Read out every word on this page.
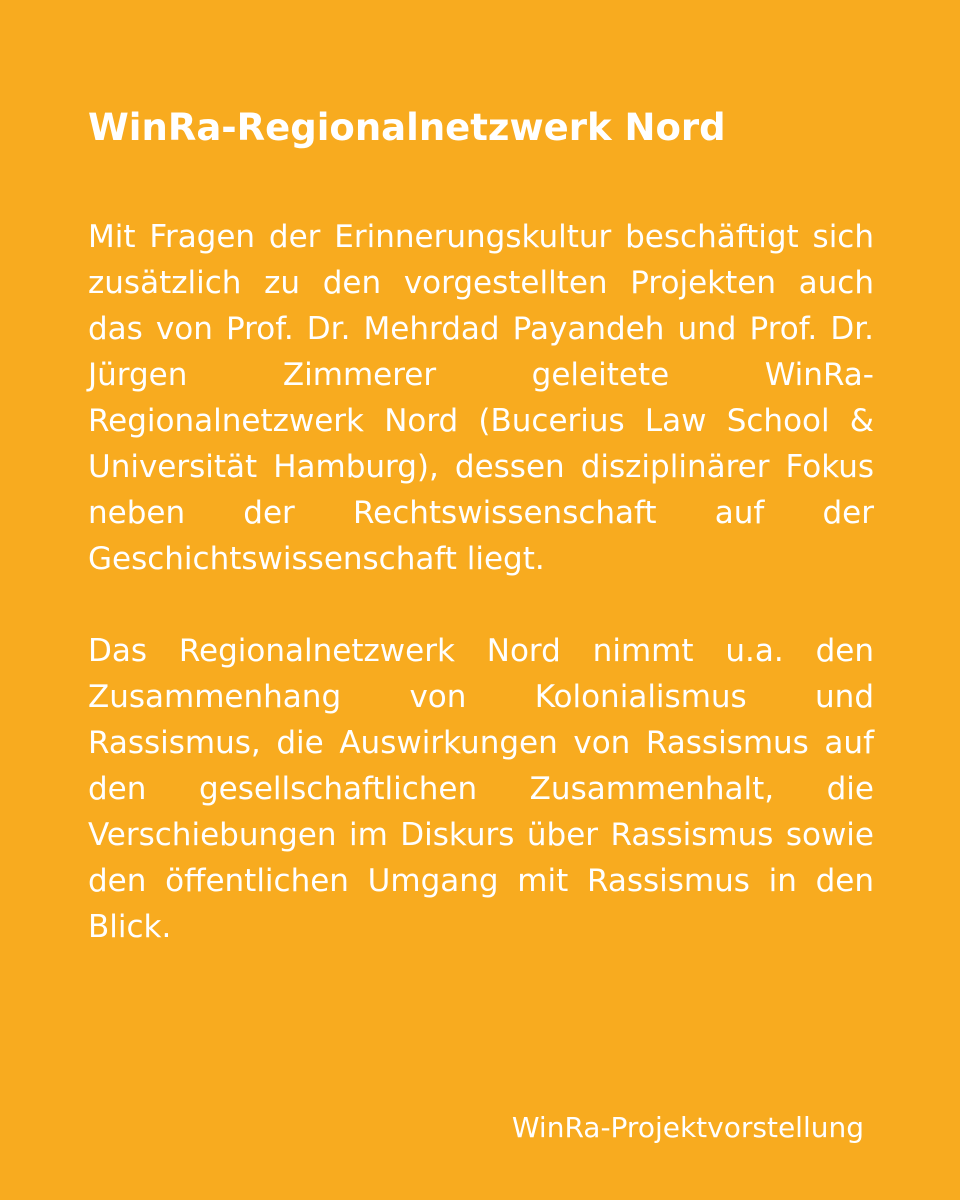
WinRa-Regionalnetzwerk Nord

Mit Fragen der Erinnerungskultur beschäftigt sich zusätzlich zu den vorgestellten Projekten auch das von Prof. Dr. Mehrdad Payandeh und Prof. Dr. Jürgen Zimmerer geleitete WinRa-Regionalnetzwerk Nord (Bucerius Law School & Universität Hamburg), dessen disziplinärer Fokus neben der Rechtswissenschaft auf der Geschichtswissenschaft liegt.

Das Regionalnetzwerk Nord nimmt u.a. den Zusammenhang von Kolonialismus und Rassismus, die Auswirkungen von Rassismus auf den gesellschaftlichen Zusammenhalt, die Verschiebungen im Diskurs über Rassismus sowie den öffentlichen Umgang mit Rassismus in den Blick.

WinRa-Projektvorstellung
